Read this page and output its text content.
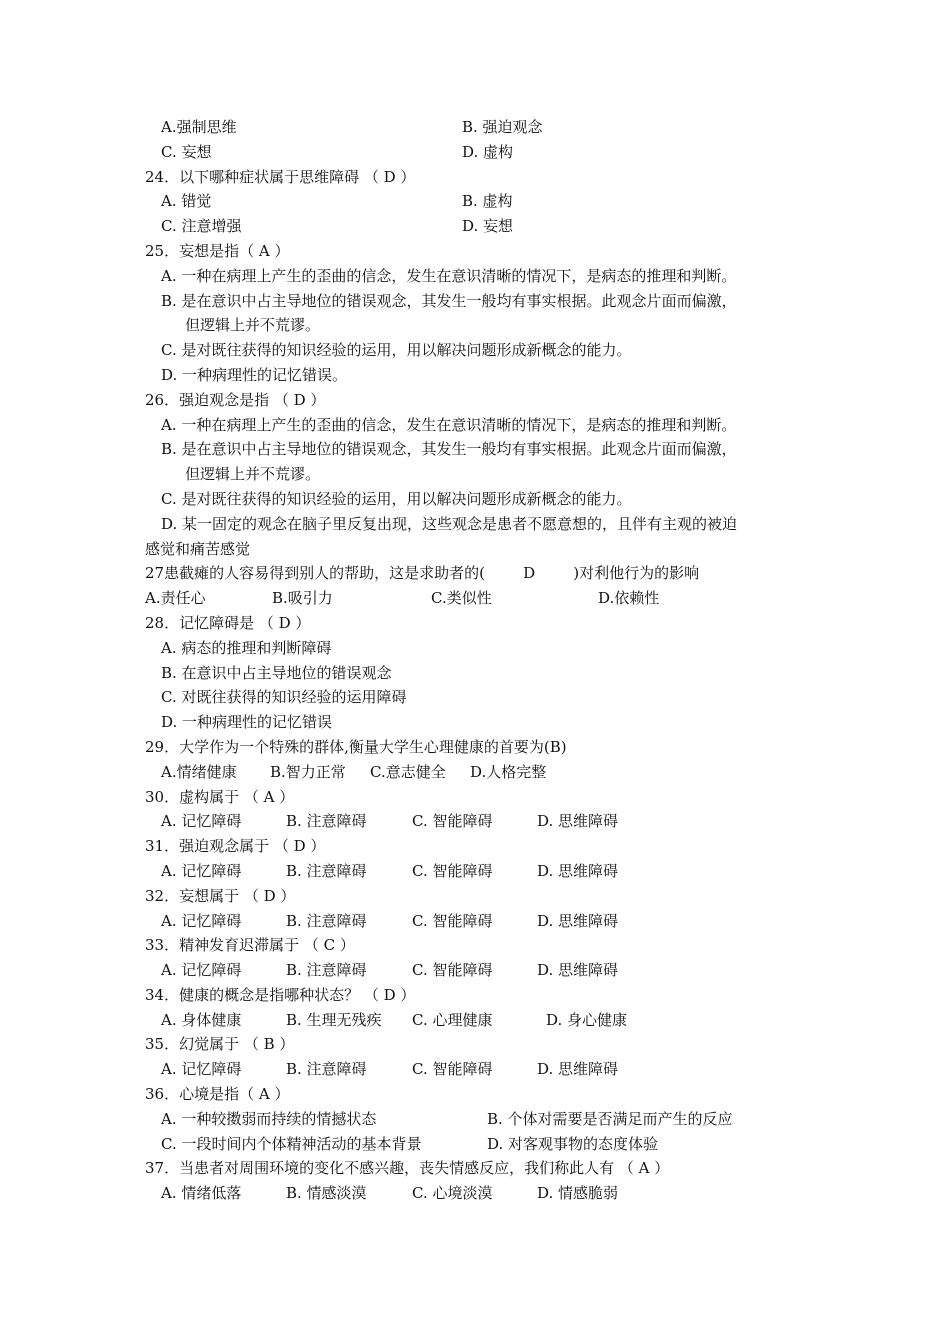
A.强制思维	B. 强迫观念
C. 妄想	D. 虚构
24．以下哪种症状属于思维障碍 （ D ）
A. 错觉	B. 虚构
C. 注意增强	D. 妄想
25．妄想是指（ A ）
A. 一种在病理上产生的歪曲的信念，发生在意识清晰的情况下，是病态的推理和判断。
B. 是在意识中占主导地位的错误观念，其发生一般均有事实根据。此观念片面而偏激，
但逻辑上并不荒谬。
C. 是对既往获得的知识经验的运用，用以解决问题形成新概念的能力。
D. 一种病理性的记忆错误。
26．强迫观念是指 （ D ）
A. 一种在病理上产生的歪曲的信念，发生在意识清晰的情况下，是病态的推理和判断。
B. 是在意识中占主导地位的错误观念，其发生一般均有事实根据。此观念片面而偏激，
但逻辑上并不荒谬。
C. 是对既往获得的知识经验的运用，用以解决问题形成新概念的能力。
D. 某一固定的观念在脑子里反复出现，这些观念是患者不愿意想的，且伴有主观的被迫
感觉和痛苦感觉
27患截瘫的人容易得到别人的帮助，这是求助者的(        D        )对利他行为的影响
A.责任心	B.吸引力	C.类似性	D.依赖性
28．记忆障碍是 （ D ）
A. 病态的推理和判断障碍
B. 在意识中占主导地位的错误观念
C. 对既往获得的知识经验的运用障碍
D. 一种病理性的记忆错误
29．大学作为一个特殊的群体,衡量大学生心理健康的首要为(B)
A.情绪健康 B.智力正常 C.意志健全 D.人格完整
30．虚构属于 （ A ）
A. 记忆障碍	B. 注意障碍	C. 智能障碍	D. 思维障碍
31．强迫观念属于 （ D ）
A. 记忆障碍	B. 注意障碍	C. 智能障碍	D. 思维障碍
32．妄想属于 （ D ）
A. 记忆障碍	B. 注意障碍	C. 智能障碍	D. 思维障碍
33．精神发育迟滞属于 （ C ）
A. 记忆障碍	B. 注意障碍	C. 智能障碍	D. 思维障碍
34．健康的概念是指哪种状态？ （ D ）
A. 身体健康	B. 生理无残疾 C. 心理健康	D. 身心健康
35．幻觉属于 （ B ）
A. 记忆障碍	B. 注意障碍	C. 智能障碍	D. 思维障碍
36．心境是指（ A ）
A. 一种较擞弱而持续的情撼状态	B. 个体对需要是否满足而产生的反应
C. 一段时间内个体精神活动的基本背景	D. 对客观事物的态度体验
37．当患者对周围环境的变化不感兴趣，丧失情感反应，我们称此人有 （ A ）
A. 情绪低落	B. 情感淡漠	C. 心境淡漠	D. 情感脆弱
